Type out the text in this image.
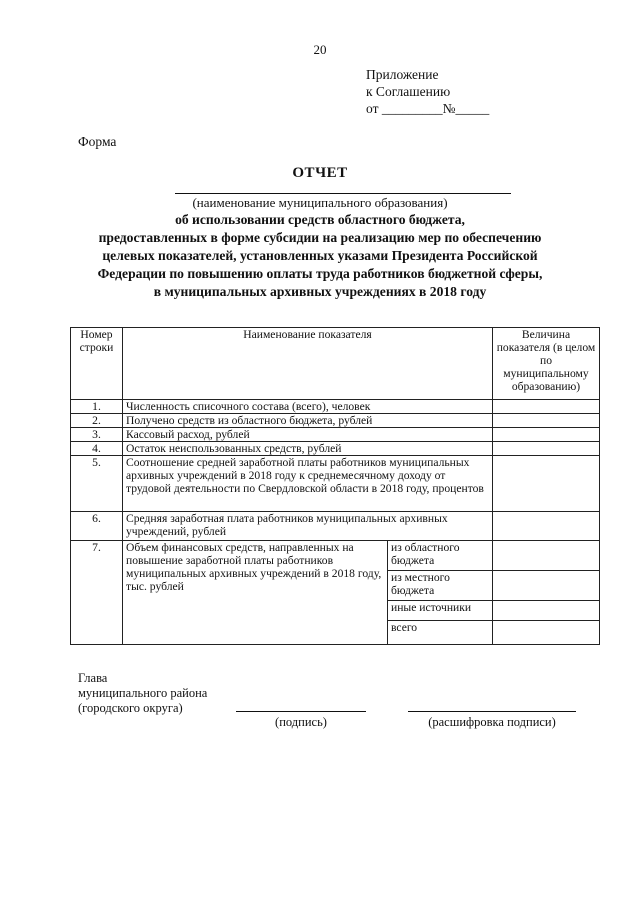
20
Приложение
к Соглашению
от _________№_____
Форма
ОТЧЕТ
(наименование муниципального образования)
об использовании средств областного бюджета,
предоставленных в форме субсидии на реализацию мер по обеспечению
целевых показателей, установленных указами Президента Российской
Федерации по повышению оплаты труда работников бюджетной сферы,
в муниципальных архивных учреждениях в 2018 году
Номер строки	Наименование показателя		Величина показателя (в целом по муниципальному образованию)
1.	Численность списочного состава (всего), человек		
2.	Получено средств из областного бюджета, рублей		
3.	Кассовый расход, рублей		
4.	Остаток неиспользованных средств, рублей		
5.	Соотношение средней заработной платы работников муниципальных архивных учреждений в 2018 году к среднемесячному доходу от трудовой деятельности по Свердловской области в 2018 году, процентов		
6.	Средняя заработная плата работников муниципальных архивных учреждений, рублей		
7.	Объем финансовых средств, направленных на повышение заработной платы работников муниципальных архивных учреждений в 2018 году, тыс. рублей	из областного бюджета	
		из местного бюджета	
		иные источники	
		всего	
Глава
муниципального района
(городского округа)
(подпись)	(расшифровка подписи)
